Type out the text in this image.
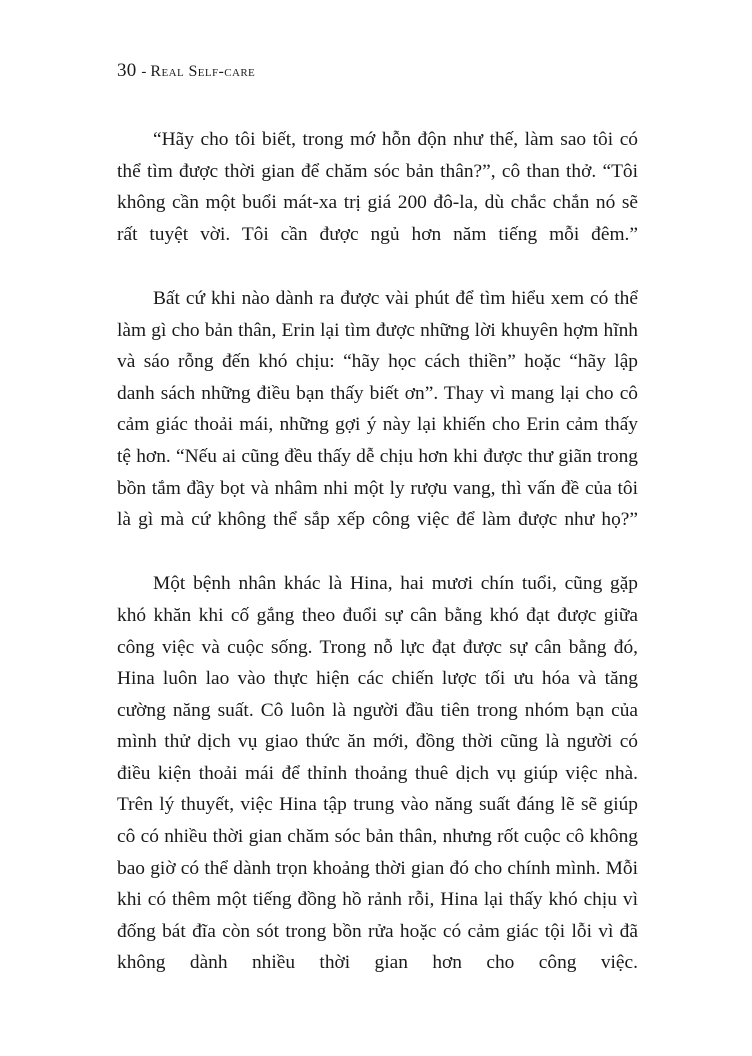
30 - Real Self-care

“Hãy cho tôi biết, trong mớ hỗn độn như thế, làm sao tôi có thể tìm được thời gian để chăm sóc bản thân?”, cô than thở. “Tôi không cần một buổi mát-xa trị giá 200 đô-la, dù chắc chắn nó sẽ rất tuyệt vời. Tôi cần được ngủ hơn năm tiếng mỗi đêm.”

Bất cứ khi nào dành ra được vài phút để tìm hiểu xem có thể làm gì cho bản thân, Erin lại tìm được những lời khuyên hợm hĩnh và sáo rỗng đến khó chịu: “hãy học cách thiền” hoặc “hãy lập danh sách những điều bạn thấy biết ơn”. Thay vì mang lại cho cô cảm giác thoải mái, những gợi ý này lại khiến cho Erin cảm thấy tệ hơn. “Nếu ai cũng đều thấy dễ chịu hơn khi được thư giãn trong bồn tắm đầy bọt và nhâm nhi một ly rượu vang, thì vấn đề của tôi là gì mà cứ không thể sắp xếp công việc để làm được như họ?”

Một bệnh nhân khác là Hina, hai mươi chín tuổi, cũng gặp khó khăn khi cố gắng theo đuổi sự cân bằng khó đạt được giữa công việc và cuộc sống. Trong nỗ lực đạt được sự cân bằng đó, Hina luôn lao vào thực hiện các chiến lược tối ưu hóa và tăng cường năng suất. Cô luôn là người đầu tiên trong nhóm bạn của mình thử dịch vụ giao thức ăn mới, đồng thời cũng là người có điều kiện thoải mái để thỉnh thoảng thuê dịch vụ giúp việc nhà. Trên lý thuyết, việc Hina tập trung vào năng suất đáng lẽ sẽ giúp cô có nhiều thời gian chăm sóc bản thân, nhưng rốt cuộc cô không bao giờ có thể dành trọn khoảng thời gian đó cho chính mình. Mỗi khi có thêm một tiếng đồng hồ rảnh rỗi, Hina lại thấy khó chịu vì đống bát đĩa còn sót trong bồn rửa hoặc có cảm giác tội lỗi vì đã không dành nhiều thời gian hơn cho công việc.
